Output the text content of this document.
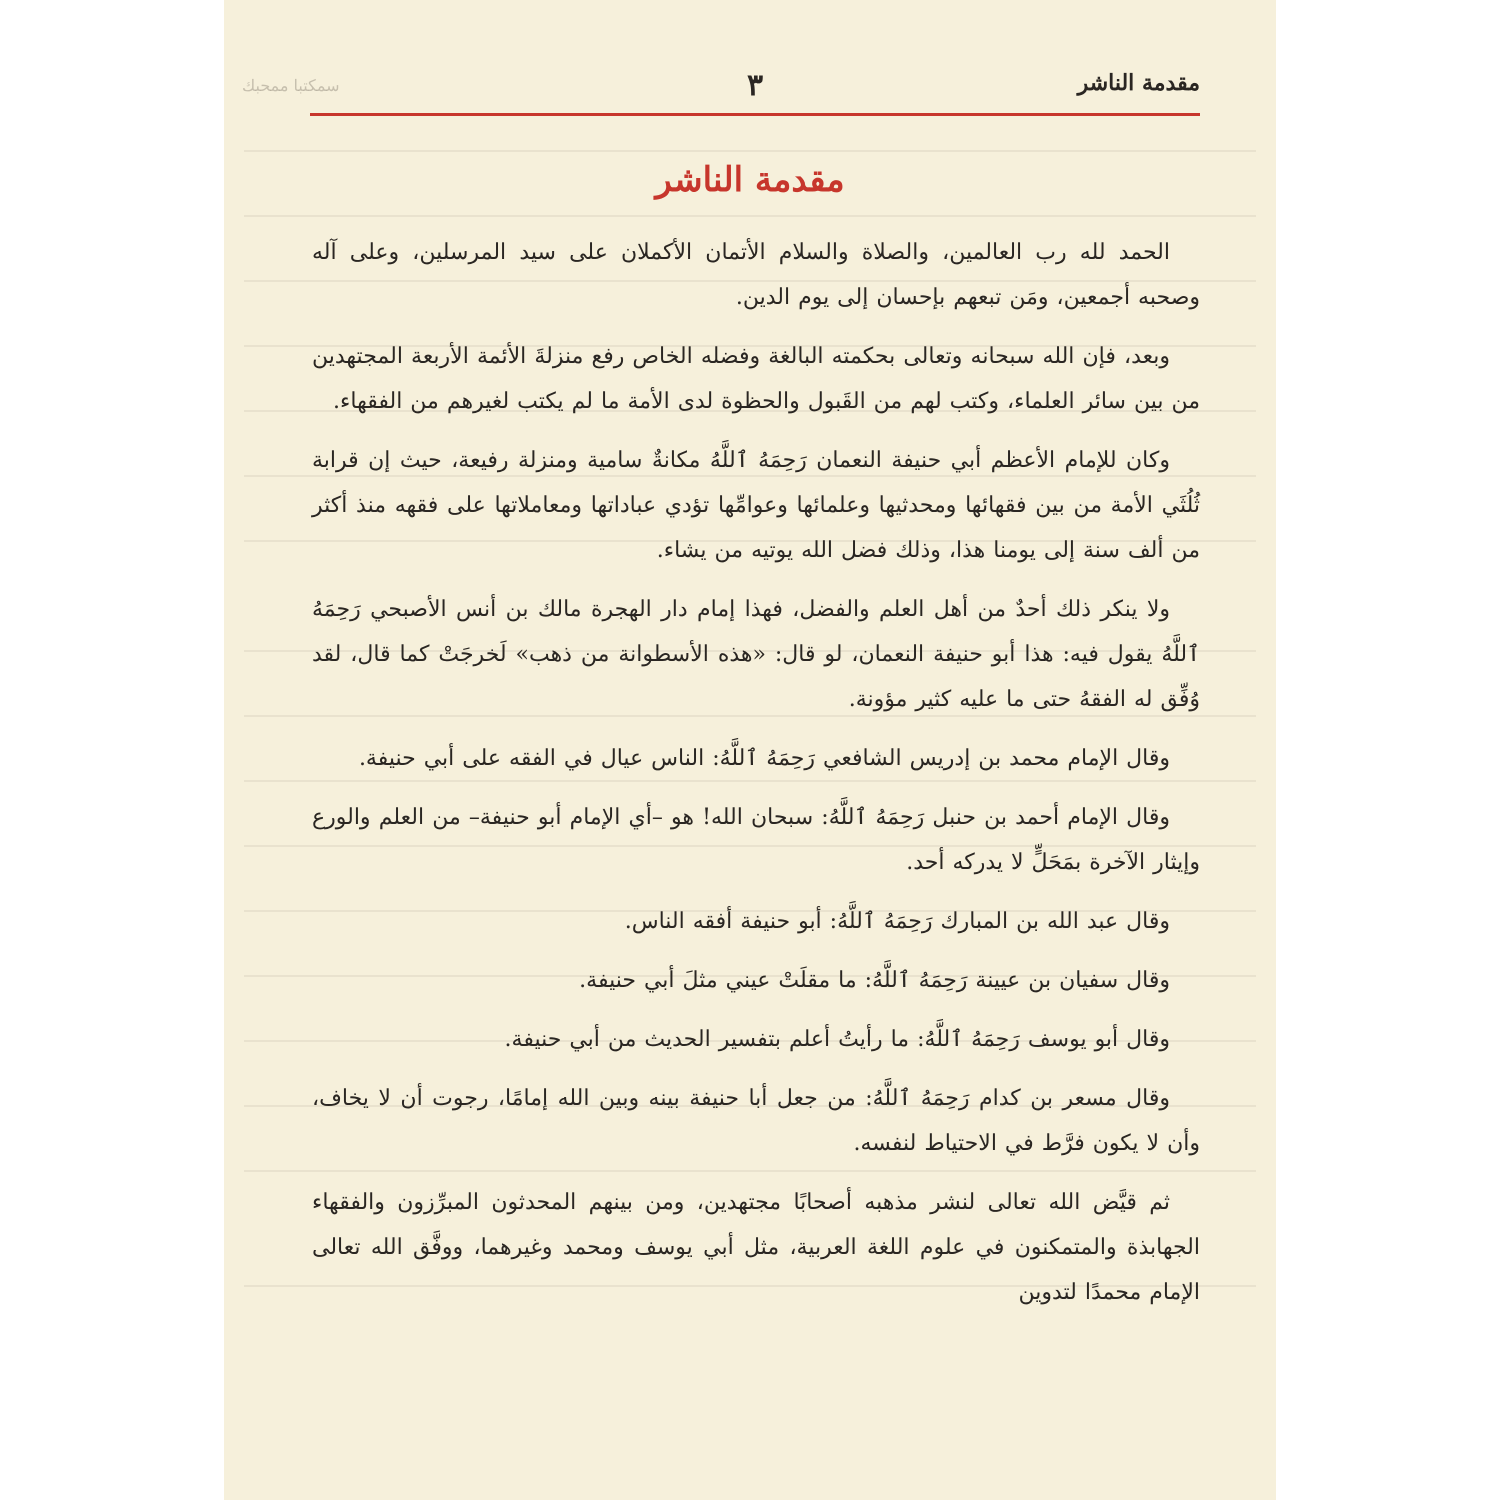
سمكتبا ممحبك	مقدمة الناشر
٣
مقدمة الناشر

الحمد لله رب العالمين، والصلاة والسلام الأتمان الأكملان على سيد المرسلين، وعلى آله وصحبه أجمعين، ومَن تبعهم بإحسان إلى يوم الدين.

وبعد، فإن الله سبحانه وتعالى بحكمته البالغة وفضله الخاص رفع منزلةَ الأئمة الأربعة المجتهدين من بين سائر العلماء، وكتب لهم من القَبول والحظوة لدى الأمة ما لم يكتب لغيرهم من الفقهاء.

وكان للإمام الأعظم أبي حنيفة النعمان رَحِمَهُ ٱللَّهُ مكانةٌ سامية ومنزلة رفيعة، حيث إن قرابة ثُلُثَي الأمة من بين فقهائها ومحدثيها وعلمائها وعوامِّها تؤدي عباداتها ومعاملاتها على فقهه منذ أكثر من ألف سنة إلى يومنا هذا، وذلك فضل الله يوتيه من يشاء.

ولا ينكر ذلك أحدٌ من أهل العلم والفضل، فهذا إمام دار الهجرة مالك بن أنس الأصبحي رَحِمَهُ ٱللَّهُ يقول فيه: هذا أبو حنيفة النعمان، لو قال: «هذه الأسطوانة من ذهب» لَخرجَتْ كما قال، لقد وُفِّق له الفقهُ حتى ما عليه كثير مؤونة.

وقال الإمام محمد بن إدريس الشافعي رَحِمَهُ ٱللَّهُ: الناس عيال في الفقه على أبي حنيفة.

وقال الإمام أحمد بن حنبل رَحِمَهُ ٱللَّهُ: سبحان الله! هو –أي الإمام أبو حنيفة– من العلم والورع وإيثار الآخرة بمَحَلٍّ لا يدركه أحد.

وقال عبد الله بن المبارك رَحِمَهُ ٱللَّهُ: أبو حنيفة أفقه الناس.

وقال سفيان بن عيينة رَحِمَهُ ٱللَّهُ: ما مقلَتْ عيني مثلَ أبي حنيفة.

وقال أبو يوسف رَحِمَهُ ٱللَّهُ: ما رأيتُ أعلم بتفسير الحديث من أبي حنيفة.

وقال مسعر بن كدام رَحِمَهُ ٱللَّهُ: من جعل أبا حنيفة بينه وبين الله إمامًا، رجوت أن لا يخاف، وأن لا يكون فرَّط في الاحتياط لنفسه.

ثم قيَّض الله تعالى لنشر مذهبه أصحابًا مجتهدين، ومن بينهم المحدثون المبرِّزون والفقهاء الجهابذة والمتمكنون في علوم اللغة العربية، مثل أبي يوسف ومحمد وغيرهما، ووفَّق الله تعالى الإمام محمدًا لتدوين
